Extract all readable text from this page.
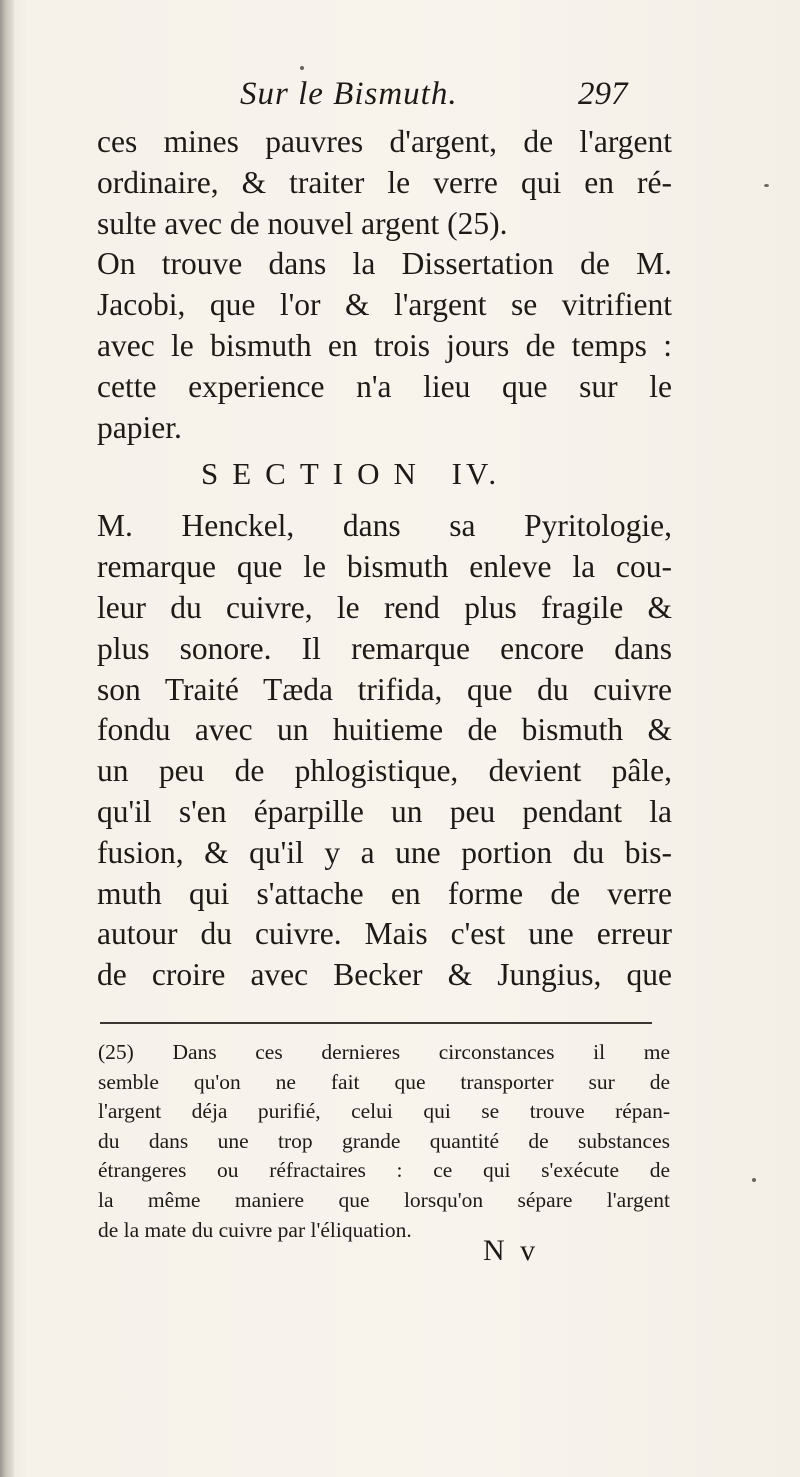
Sur le Bismuth.	297
ces mines pauvres d'argent, de l'argent
ordinaire, & traiter le verre qui en ré-
sulte avec de nouvel argent (25).
On trouve dans la Dissertation de M.
Jacobi, que l'or & l'argent se vitrifient
avec le bismuth en trois jours de temps :
cette experience n'a lieu que sur le
papier.
SECTION IV.
M. Henckel, dans sa Pyritologie,
remarque que le bismuth enleve la cou-
leur du cuivre, le rend plus fragile &
plus sonore. Il remarque encore dans
son Traité Tæda trifida, que du cuivre
fondu avec un huitieme de bismuth &
un peu de phlogistique, devient pâle,
qu'il s'en éparpille un peu pendant la
fusion, & qu'il y a une portion du bis-
muth qui s'attache en forme de verre
autour du cuivre. Mais c'est une erreur
de croire avec Becker & Jungius, que
(25) Dans ces dernieres circonstances il me
semble qu'on ne fait que transporter sur de
l'argent déja purifié, celui qui se trouve répan-
du dans une trop grande quantité de substances
étrangeres ou réfractaires : ce qui s'exécute de
la même maniere que lorsqu'on sépare l'argent
de la mate du cuivre par l'éliquation.
N v
